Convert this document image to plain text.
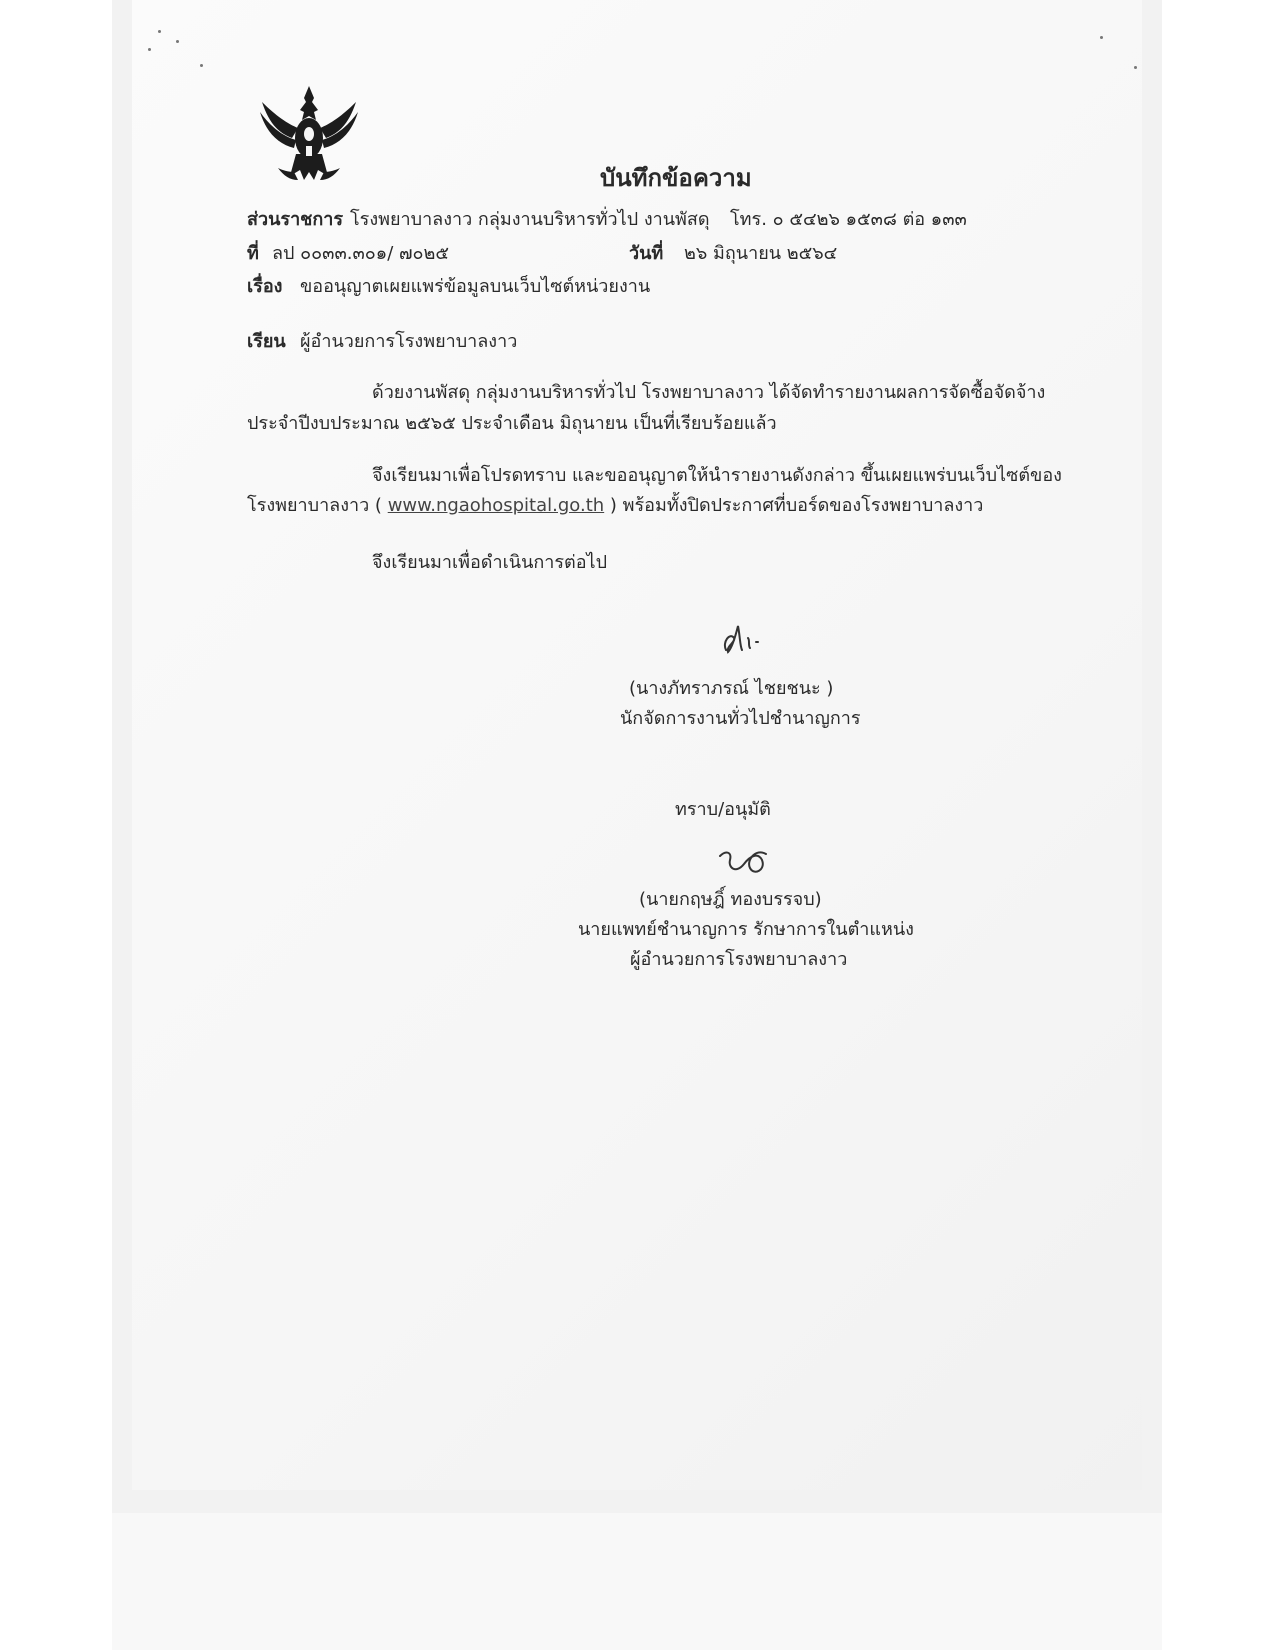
บันทึกข้อความ
ส่วนราชการ โรงพยาบาลงาว กลุ่มงานบริหารทั่วไป งานพัสดุ โทร. ๐ ๕๔๒๖ ๑๕๓๘ ต่อ ๑๓๓
ที่ ลป ๐๐๓๓.๓๐๑/ ๗๐๒๕	วันที่ ๒๖ มิถุนายน ๒๕๖๔
เรื่อง ขออนุญาตเผยแพร่ข้อมูลบนเว็บไซต์หน่วยงาน
เรียน ผู้อำนวยการโรงพยาบาลงาว
ด้วยงานพัสดุ กลุ่มงานบริหารทั่วไป โรงพยาบาลงาว ได้จัดทำรายงานผลการจัดซื้อจัดจ้าง
ประจำปีงบประมาณ ๒๕๖๕ ประจำเดือน มิถุนายน เป็นที่เรียบร้อยแล้ว
จึงเรียนมาเพื่อโปรดทราบ และขออนุญาตให้นำรายงานดังกล่าว ขึ้นเผยแพร่บนเว็บไซต์ของ
โรงพยาบาลงาว ( www.ngaohospital.go.th ) พร้อมทั้งปิดประกาศที่บอร์ดของโรงพยาบาลงาว
จึงเรียนมาเพื่อดำเนินการต่อไป
(นางภัทราภรณ์ ไชยชนะ )
นักจัดการงานทั่วไปชำนาญการ
ทราบ/อนุมัติ
(นายกฤษฎิ์ ทองบรรจบ)
นายแพทย์ชำนาญการ รักษาการในตำแหน่ง
ผู้อำนวยการโรงพยาบาลงาว
